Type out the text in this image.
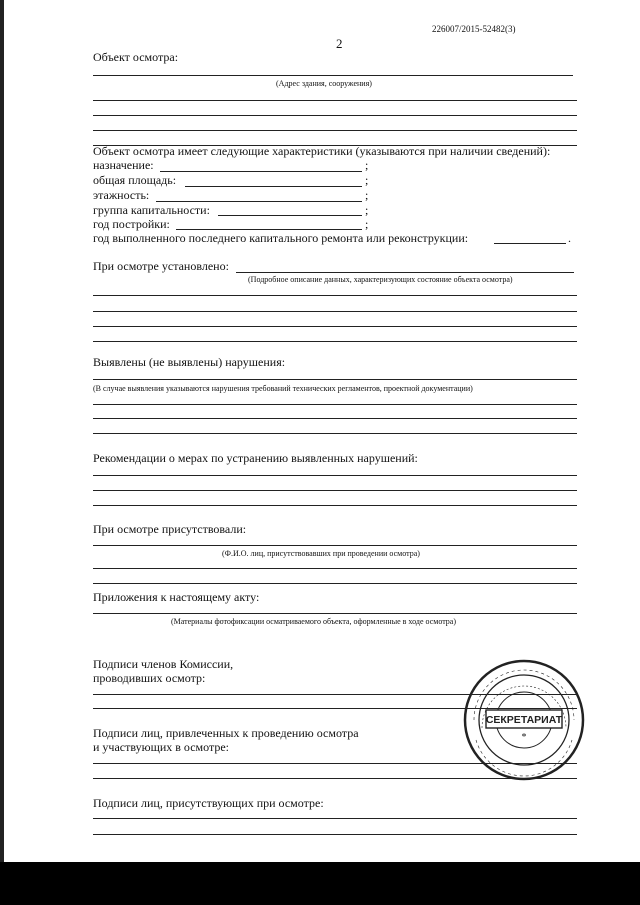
226007/2015-52482(3)
2
Объект осмотра:
(Адрес здания, сооружения)
Объект осмотра имеет следующие характеристики (указываются при наличии сведений):
назначение:	;
общая площадь:	;
этажность:	;
группа капитальности:	;
год постройки:	;
год выполненного последнего капитального ремонта или реконструкции:	.
При осмотре установлено:
(Подробное описание данных, характеризующих состояние объекта осмотра)
Выявлены (не выявлены) нарушения:
(В случае выявления указываются нарушения требований технических регламентов, проектной документации)
Рекомендации о мерах по устранению выявленных нарушений:
При осмотре присутствовали:
(Ф.И.О. лиц, присутствовавших при проведении осмотра)
Приложения к настоящему акту:
(Материалы фотофиксации осматриваемого объекта, оформленные в ходе осмотра)
Подписи членов Комиссии,
проводивших осмотр:
Подписи лиц, привлеченных к проведению осмотра
и участвующих в осмотре:
Подписи лиц, присутствующих при осмотре:
СЕКРЕТАРИАТ
*
